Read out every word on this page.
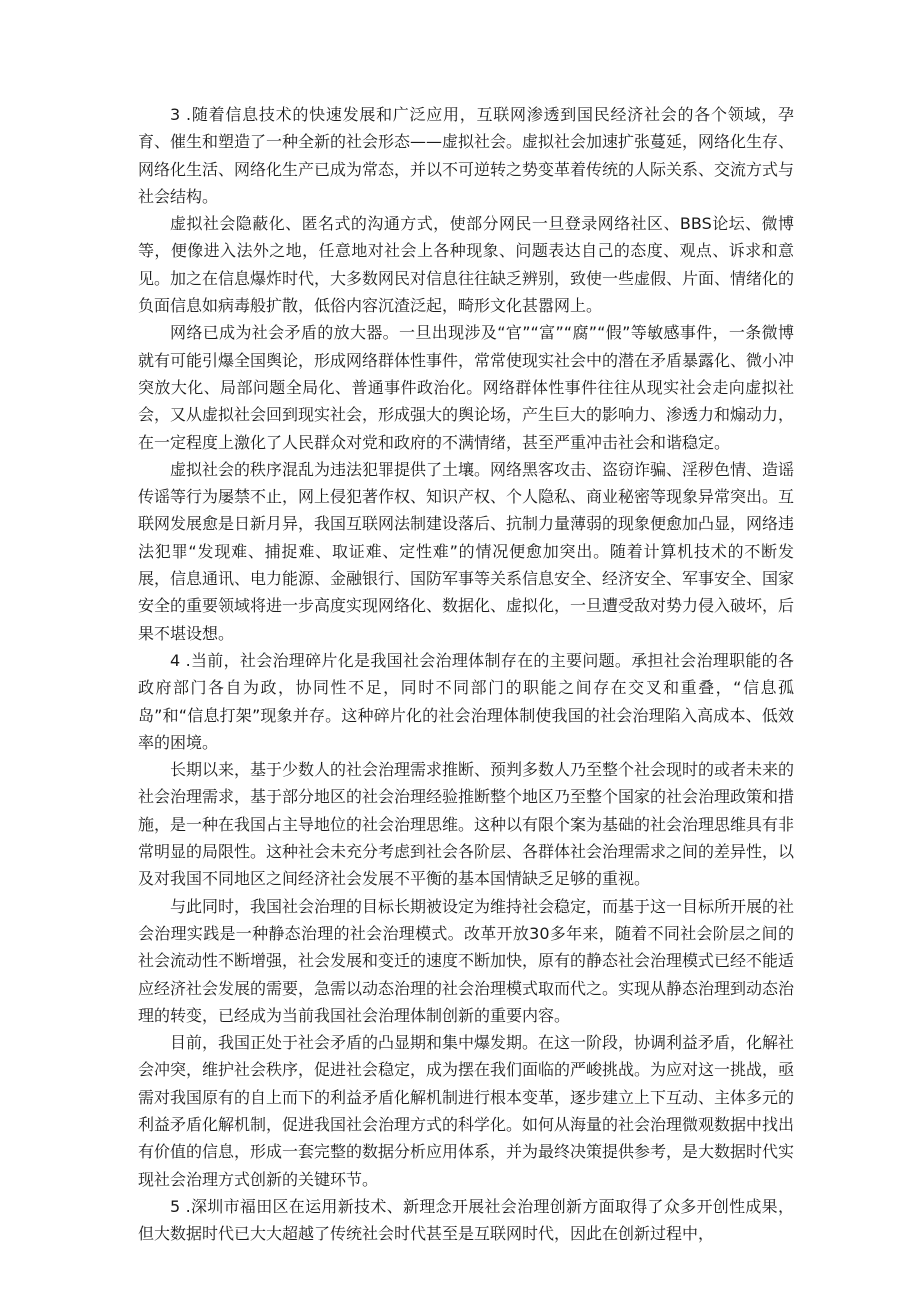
3 .随着信息技术的快速发展和广泛应用，互联网渗透到国民经济社会的各个领域，孕育、催生和塑造了一种全新的社会形态——虚拟社会。虚拟社会加速扩张蔓延，网络化生存、网络化生活、网络化生产已成为常态，并以不可逆转之势变革着传统的人际关系、交流方式与社会结构。

虚拟社会隐蔽化、匿名式的沟通方式，使部分网民一旦登录网络社区、BBS论坛、微博等，便像进入法外之地，任意地对社会上各种现象、问题表达自己的态度、观点、诉求和意见。加之在信息爆炸时代，大多数网民对信息往往缺乏辨别，致使一些虚假、片面、情绪化的负面信息如病毒般扩散，低俗内容沉渣泛起，畸形文化甚嚣网上。

网络已成为社会矛盾的放大器。一旦出现涉及“官”“富”“腐”“假”等敏感事件，一条微博就有可能引爆全国舆论，形成网络群体性事件，常常使现实社会中的潜在矛盾暴露化、微小冲突放大化、局部问题全局化、普通事件政治化。网络群体性事件往往从现实社会走向虚拟社会，又从虚拟社会回到现实社会，形成强大的舆论场，产生巨大的影响力、渗透力和煽动力，在一定程度上激化了人民群众对党和政府的不满情绪，甚至严重冲击社会和谐稳定。

虚拟社会的秩序混乱为违法犯罪提供了土壤。网络黑客攻击、盗窃诈骗、淫秽色情、造谣传谣等行为屡禁不止，网上侵犯著作权、知识产权、个人隐私、商业秘密等现象异常突出。互联网发展愈是日新月异，我国互联网法制建设落后、抗制力量薄弱的现象便愈加凸显，网络违法犯罪“发现难、捕捉难、取证难、定性难”的情况便愈加突出。随着计算机技术的不断发展，信息通讯、电力能源、金融银行、国防军事等关系信息安全、经济安全、军事安全、国家安全的重要领域将进一步高度实现网络化、数据化、虚拟化，一旦遭受敌对势力侵入破坏，后果不堪设想。

4 .当前，社会治理碎片化是我国社会治理体制存在的主要问题。承担社会治理职能的各政府部门各自为政，协同性不足，同时不同部门的职能之间存在交叉和重叠，“信息孤岛”和“信息打架”现象并存。这种碎片化的社会治理体制使我国的社会治理陷入高成本、低效率的困境。

长期以来，基于少数人的社会治理需求推断、预判多数人乃至整个社会现时的或者未来的社会治理需求，基于部分地区的社会治理经验推断整个地区乃至整个国家的社会治理政策和措施，是一种在我国占主导地位的社会治理思维。这种以有限个案为基础的社会治理思维具有非常明显的局限性。这种社会未充分考虑到社会各阶层、各群体社会治理需求之间的差异性，以及对我国不同地区之间经济社会发展不平衡的基本国情缺乏足够的重视。

与此同时，我国社会治理的目标长期被设定为维持社会稳定，而基于这一目标所开展的社会治理实践是一种静态治理的社会治理模式。改革开放30多年来，随着不同社会阶层之间的社会流动性不断增强，社会发展和变迁的速度不断加快，原有的静态社会治理模式已经不能适应经济社会发展的需要，急需以动态治理的社会治理模式取而代之。实现从静态治理到动态治理的转变，已经成为当前我国社会治理体制创新的重要内容。

目前，我国正处于社会矛盾的凸显期和集中爆发期。在这一阶段，协调利益矛盾，化解社会冲突，维护社会秩序，促进社会稳定，成为摆在我们面临的严峻挑战。为应对这一挑战，亟需对我国原有的自上而下的利益矛盾化解机制进行根本变革，逐步建立上下互动、主体多元的利益矛盾化解机制，促进我国社会治理方式的科学化。如何从海量的社会治理微观数据中找出有价值的信息，形成一套完整的数据分析应用体系，并为最终决策提供参考，是大数据时代实现社会治理方式创新的关键环节。

5 .深圳市福田区在运用新技术、新理念开展社会治理创新方面取得了众多开创性成果，但大数据时代已大大超越了传统社会时代甚至是互联网时代，因此在创新过程中，
